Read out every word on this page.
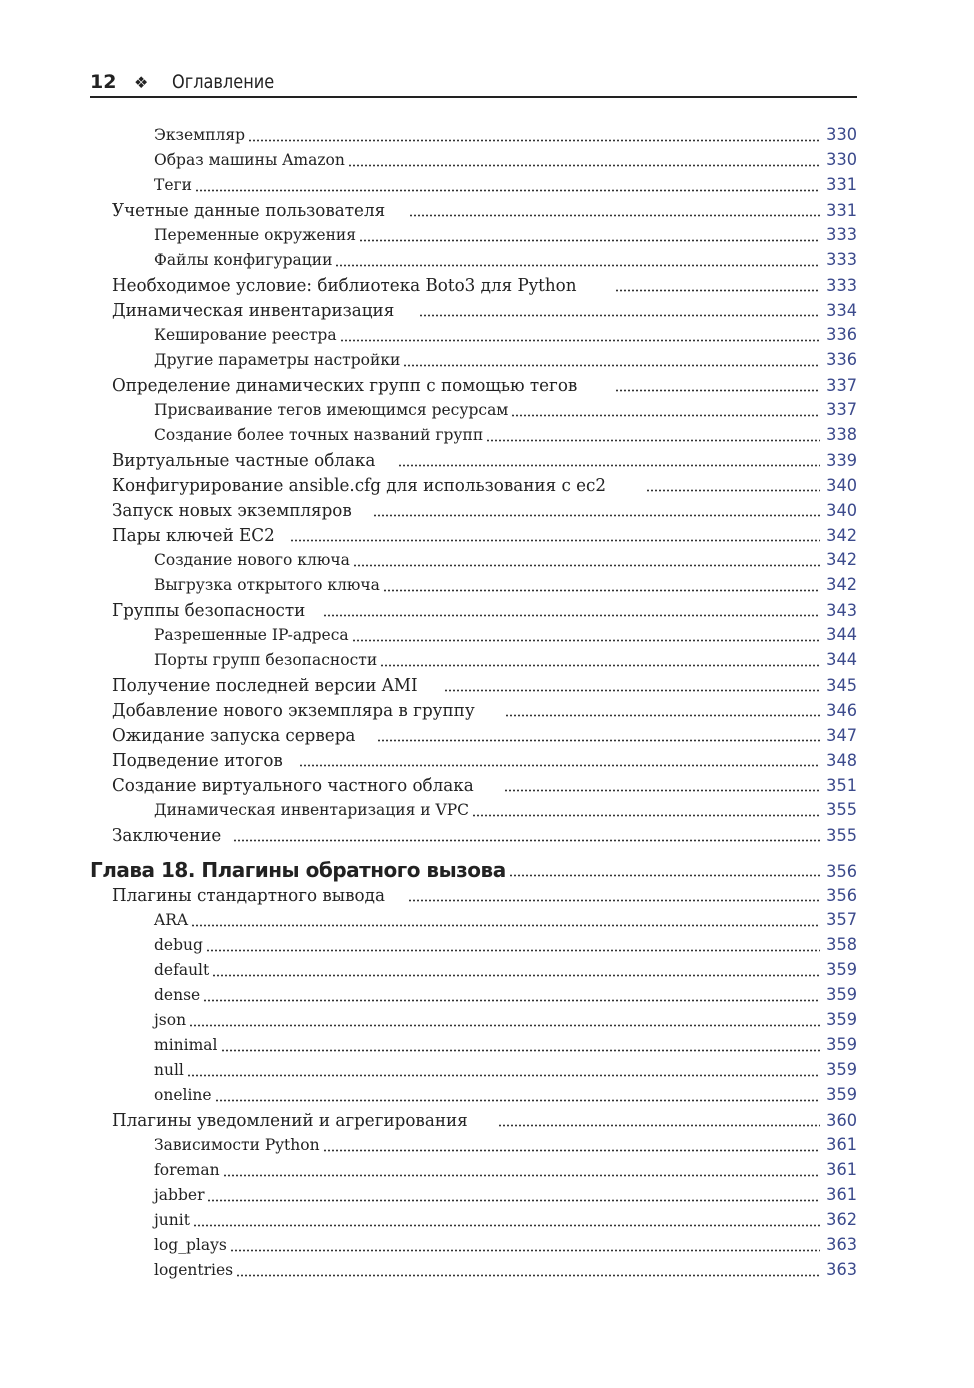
12	❖	Оглавление
Экземпляр	330
Образ машины Amazon	330
Теги	331
Учетные данные пользователя	331
Переменные окружения	333
Файлы конфигурации	333
Необходимое условие: библиотека Boto3 для Python	333
Динамическая инвентаризация	334
Кеширование реестра	336
Другие параметры настройки	336
Определение динамических групп с помощью тегов	337
Присваивание тегов имеющимся ресурсам	337
Создание более точных названий групп	338
Виртуальные частные облака	339
Конфигурирование ansible.cfg для использования с ec2	340
Запуск новых экземпляров	340
Пары ключей EC2	342
Создание нового ключа	342
Выгрузка открытого ключа	342
Группы безопасности	343
Разрешенные IP-адреса	344
Порты групп безопасности	344
Получение последней версии AMI	345
Добавление нового экземпляра в группу	346
Ожидание запуска сервера	347
Подведение итогов	348
Создание виртуального частного облака	351
Динамическая инвентаризация и VPC	355
Заключение	355
Глава 18. Плагины обратного вызова	356
Плагины стандартного вывода	356
ARA	357
debug	358
default	359
dense	359
json	359
minimal	359
null	359
oneline	359
Плагины уведомлений и агрегирования	360
Зависимости Python	361
foreman	361
jabber	361
junit	362
log_plays	363
logentries	363
